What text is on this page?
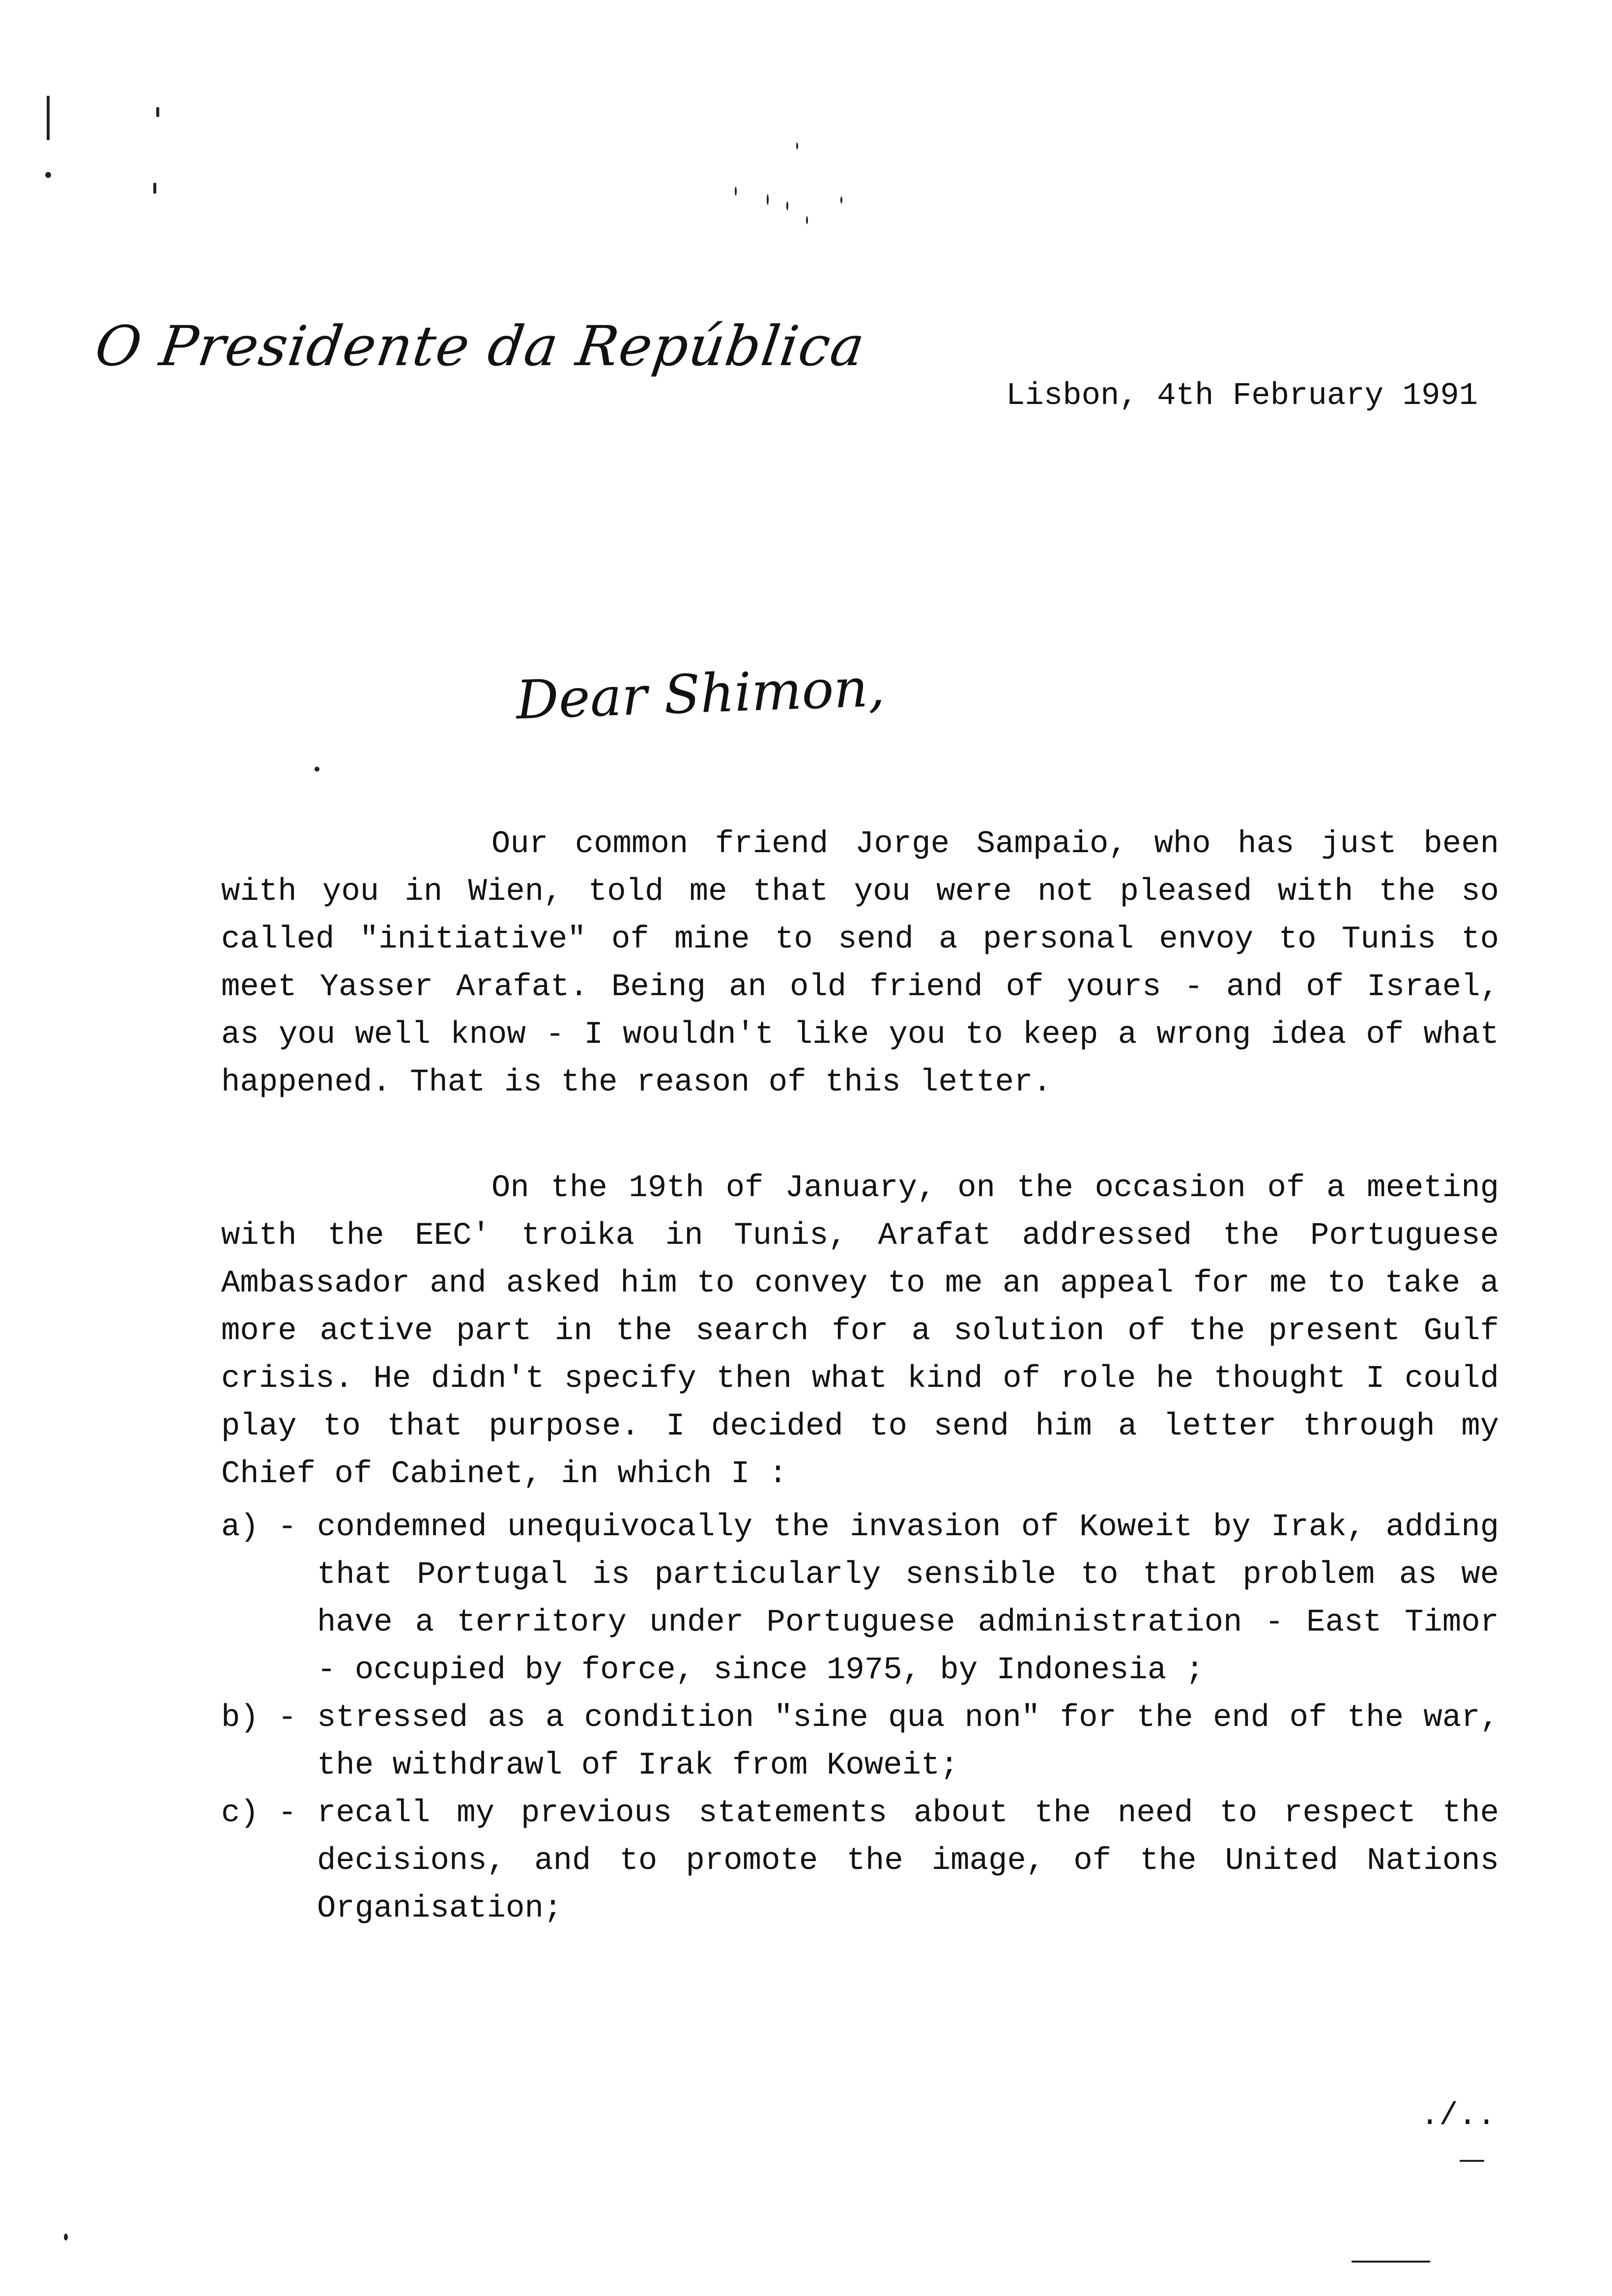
O Presidente da República
Lisbon, 4th February 1991
Dear Shimon,

Our common friend Jorge Sampaio, who has just been with you in Wien, told me that you were not pleased with the so called "initiative" of mine to send a personal envoy to Tunis to meet Yasser Arafat. Being an old friend of yours - and of Israel, as you well know - I wouldn't like you to keep a wrong idea of what happened. That is the reason of this letter.

On the 19th of January, on the occasion of a meeting with the EEC' troika in Tunis, Arafat addressed the Portuguese Ambassador and asked him to convey to me an appeal for me to take a more active part in the search for a solution of the present Gulf crisis. He didn't specify then what kind of role he thought I could play to that purpose. I decided to send him a letter through my Chief of Cabinet, in which I :

a) - condemned unequivocally the invasion of Koweit by Irak, adding that Portugal is particularly sensible to that problem as we have a territory under Portuguese administration - East Timor - occupied by force, since 1975, by Indonesia ;
b) - stressed as a condition "sine qua non" for the end of the war, the withdrawl of Irak from Koweit;
c) - recall my previous statements about the need to respect the decisions, and to promote the image, of the United Nations Organisation;
./..
